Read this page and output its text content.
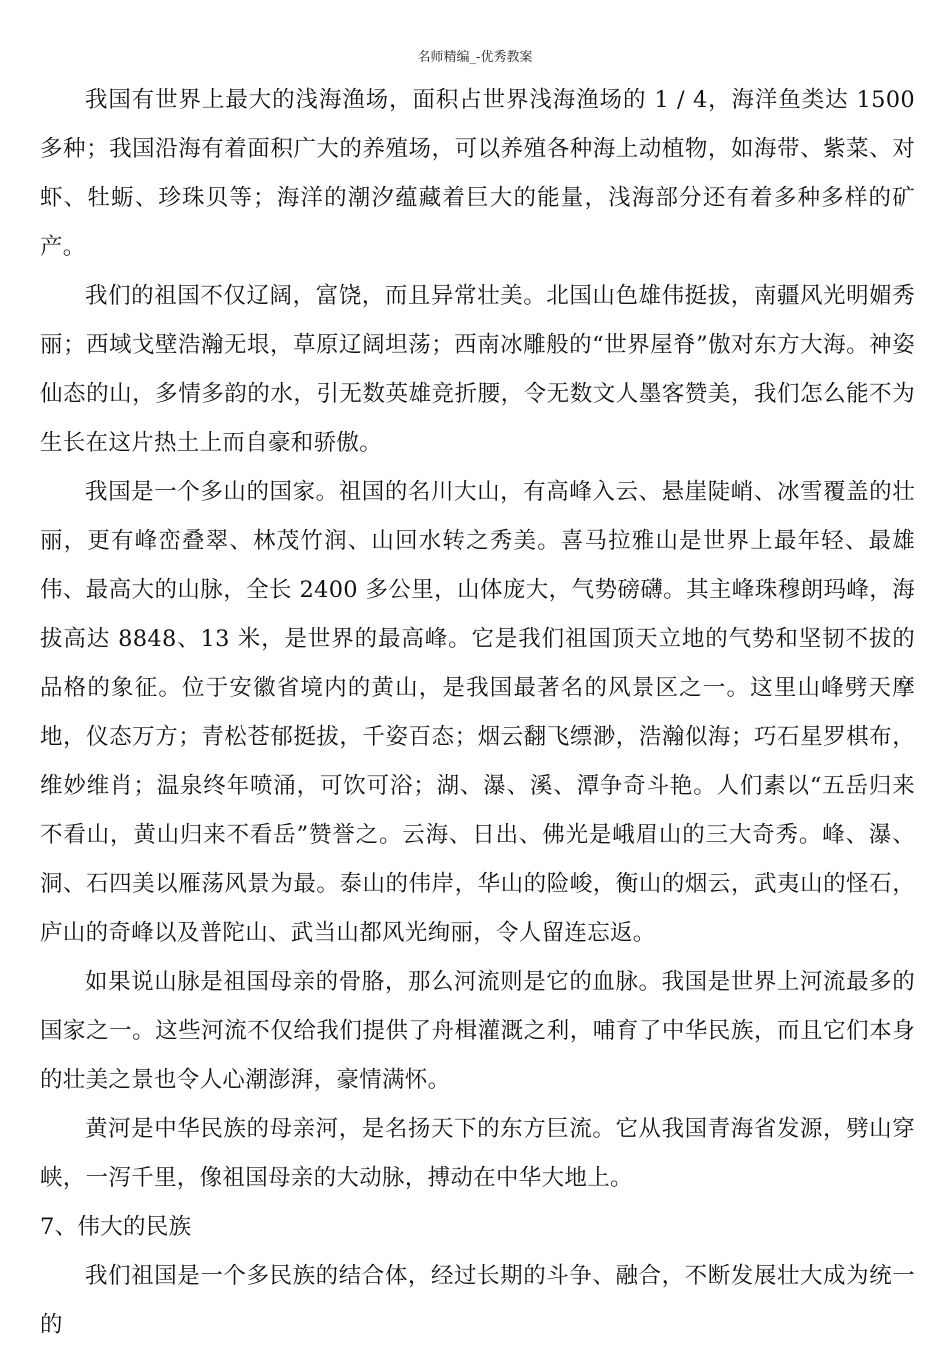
名师精编_-优秀教案

我国有世界上最大的浅海渔场，面积占世界浅海渔场的 1 / 4，海洋鱼类达 1500 多种；我国沿海有着面积广大的养殖场，可以养殖各种海上动植物，如海带、紫菜、对虾、牡蛎、珍珠贝等；海洋的潮汐蕴藏着巨大的能量，浅海部分还有着多种多样的矿产。

我们的祖国不仅辽阔，富饶，而且异常壮美。北国山色雄伟挺拔，南疆风光明媚秀丽；西域戈壁浩瀚无垠，草原辽阔坦荡；西南冰雕般的“世界屋脊”傲对东方大海。神姿仙态的山，多情多韵的水，引无数英雄竞折腰，令无数文人墨客赞美，我们怎么能不为生长在这片热土上而自豪和骄傲。

我国是一个多山的国家。祖国的名川大山，有高峰入云、悬崖陡峭、冰雪覆盖的壮丽，更有峰峦叠翠、林茂竹润、山回水转之秀美。喜马拉雅山是世界上最年轻、最雄伟、最高大的山脉，全长 2400 多公里，山体庞大，气势磅礴。其主峰珠穆朗玛峰，海拔高达 8848、13 米，是世界的最高峰。它是我们祖国顶天立地的气势和坚韧不拔的品格的象征。位于安徽省境内的黄山，是我国最著名的风景区之一。这里山峰劈天摩地，仪态万方；青松苍郁挺拔，千姿百态；烟云翻飞缥渺，浩瀚似海；巧石星罗棋布，维妙维肖；温泉终年喷涌，可饮可浴；湖、瀑、溪、潭争奇斗艳。人们素以“五岳归来不看山，黄山归来不看岳”赞誉之。云海、日出、佛光是峨眉山的三大奇秀。峰、瀑、洞、石四美以雁荡风景为最。泰山的伟岸，华山的险峻，衡山的烟云，武夷山的怪石，庐山的奇峰以及普陀山、武当山都风光绚丽，令人留连忘返。

如果说山脉是祖国母亲的骨胳，那么河流则是它的血脉。我国是世界上河流最多的国家之一。这些河流不仅给我们提供了舟楫灌溉之利，哺育了中华民族，而且它们本身的壮美之景也令人心潮澎湃，豪情满怀。

黄河是中华民族的母亲河，是名扬天下的东方巨流。它从我国青海省发源，劈山穿峡，一泻千里，像祖国母亲的大动脉，搏动在中华大地上。

7、伟大的民族

我们祖国是一个多民族的结合体，经过长期的斗争、融合，不断发展壮大成为统一的
